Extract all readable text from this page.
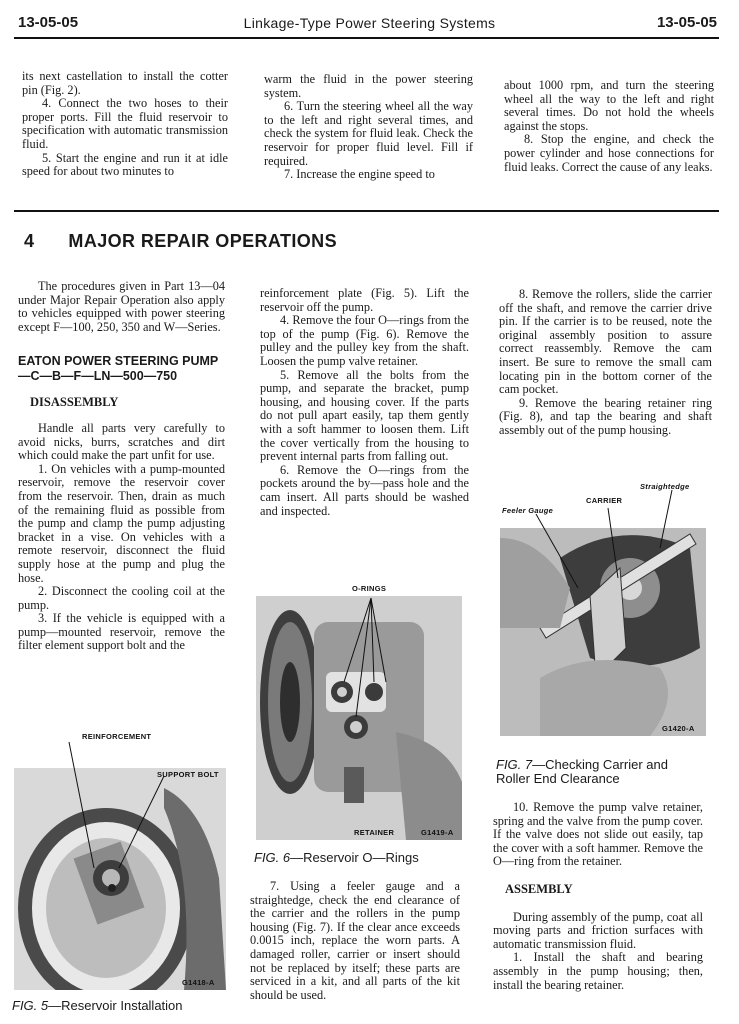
13-05-05	Linkage-Type Power Steering Systems	13-05-05

its next castellation to install the cotter pin (Fig. 2).

4. Connect the two hoses to their proper ports. Fill the fluid reservoir to specification with automatic transmission fluid.

5. Start the engine and run it at idle speed for about two minutes to

warm the fluid in the power steering system.

6. Turn the steering wheel all the way to the left and right several times, and check the system for fluid leak. Check the reservoir for proper fluid level. Fill if required.

7. Increase the engine speed to

about 1000 rpm, and turn the steering wheel all the way to the left and right several times. Do not hold the wheels against the stops.

8. Stop the engine, and check the power cylinder and hose connections for fluid leaks. Correct the cause of any leaks.

4 MAJOR REPAIR OPERATIONS

The procedures given in Part 13—04 under Major Repair Operation also apply to vehicles equipped with power steering except F—100, 250, 350 and W—Series.

EATON POWER STEERING PUMP—C—B—F—LN—500—750
DISASSEMBLY

Handle all parts very carefully to avoid nicks, burrs, scratches and dirt which could make the part unfit for use.

1. On vehicles with a pump-mounted reservoir, remove the reservoir cover from the reservoir. Then, drain as much of the remaining fluid as possible from the pump and clamp the pump adjusting bracket in a vise. On vehicles with a remote reservoir, disconnect the fluid supply hose at the pump and plug the hose.

2. Disconnect the cooling coil at the pump.

3. If the vehicle is equipped with a pump—mounted reservoir, remove the filter element support bolt and the

reinforcement plate (Fig. 5). Lift the reservoir off the pump.

4. Remove the four O—rings from the top of the pump (Fig. 6). Remove the pulley and the pulley key from the shaft. Loosen the pump valve retainer.

5. Remove all the bolts from the pump, and separate the bracket, pump housing, and housing cover. If the parts do not pull apart easily, tap them gently with a soft hammer to loosen them. Lift the cover vertically from the housing to prevent internal parts from falling out.

6. Remove the O—rings from the pockets around the by—pass hole and the cam insert. All parts should be washed and inspected.

7. Using a feeler gauge and a straightedge, check the end clearance of the carrier and the rollers in the pump housing (Fig. 7). If the clear ance exceeds 0.0015 inch, replace the worn parts. A damaged roller, carrier or insert should not be replaced by itself; these parts are serviced in a kit, and all parts of the kit should be used.

8. Remove the rollers, slide the carrier off the shaft, and remove the carrier drive pin. If the carrier is to be reused, note the original assembly position to assure correct reassembly. Remove the cam insert. Be sure to remove the small cam locating pin in the bottom corner of the cam pocket.

9. Remove the bearing retainer ring (Fig. 8), and tap the bearing and shaft assembly out of the pump housing.

10. Remove the pump valve retainer, spring and the valve from the pump cover. If the valve does not slide out easily, tap the cover with a soft hammer. Remove the O—ring from the retainer.

ASSEMBLY

During assembly of the pump, coat all moving parts and friction surfaces with automatic transmission fluid.

1. Install the shaft and bearing assembly in the pump housing; then, install the bearing retainer.

REINFORCEMENT
SUPPORT BOLT
G1418-A
FIG. 5—Reservoir Installation
O-RINGS
RETAINER	G1419-A
FIG. 6—Reservoir O—Rings
Straightedge
CARRIER
Feeler Gauge
G1420-A
FIG. 7—Checking Carrier and Roller End Clearance
